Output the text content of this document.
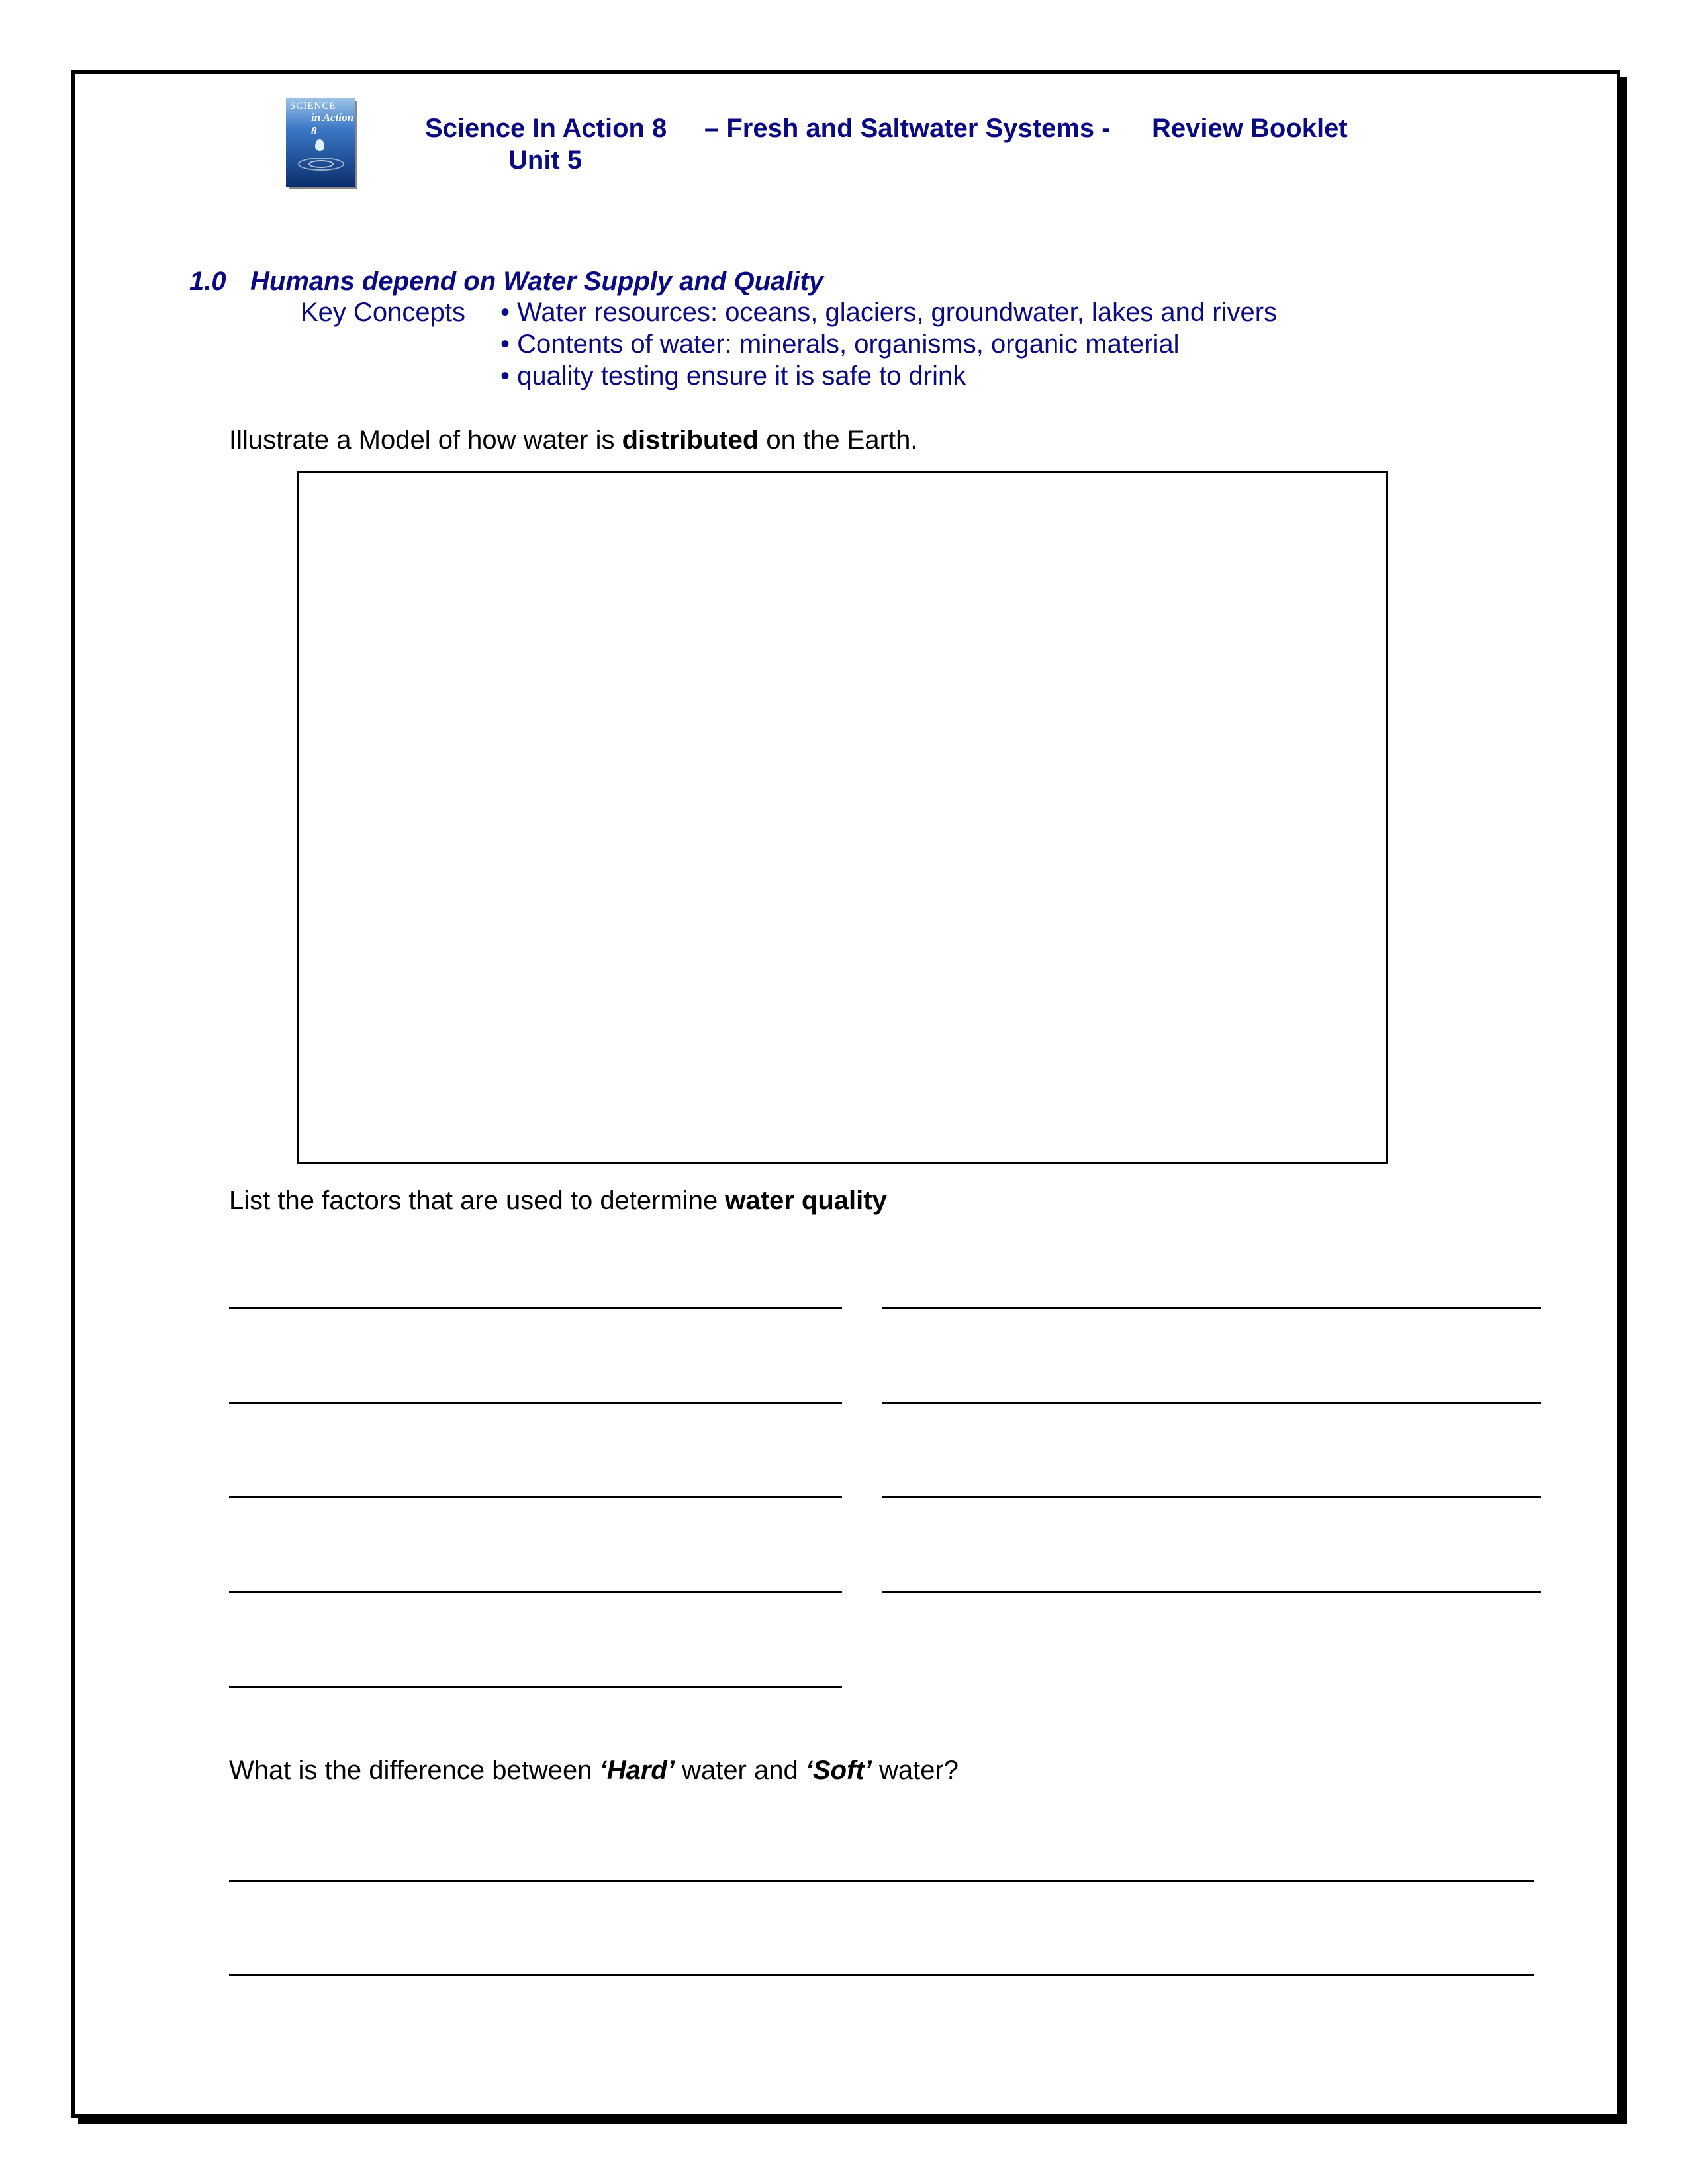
SCIENCE
in Action 8	Science In Action 8 – Fresh and Saltwater Systems - Review Booklet
Unit 5
1.0 Humans depend on Water Supply and Quality
Key Concepts • Water resources: oceans, glaciers, groundwater, lakes and rivers
• Contents of water: minerals, organisms, organic material
• quality testing ensure it is safe to drink
Illustrate a Model of how water is distributed on the Earth.
List the factors that are used to determine water quality
What is the difference between ‘Hard’ water and ‘Soft’ water?
